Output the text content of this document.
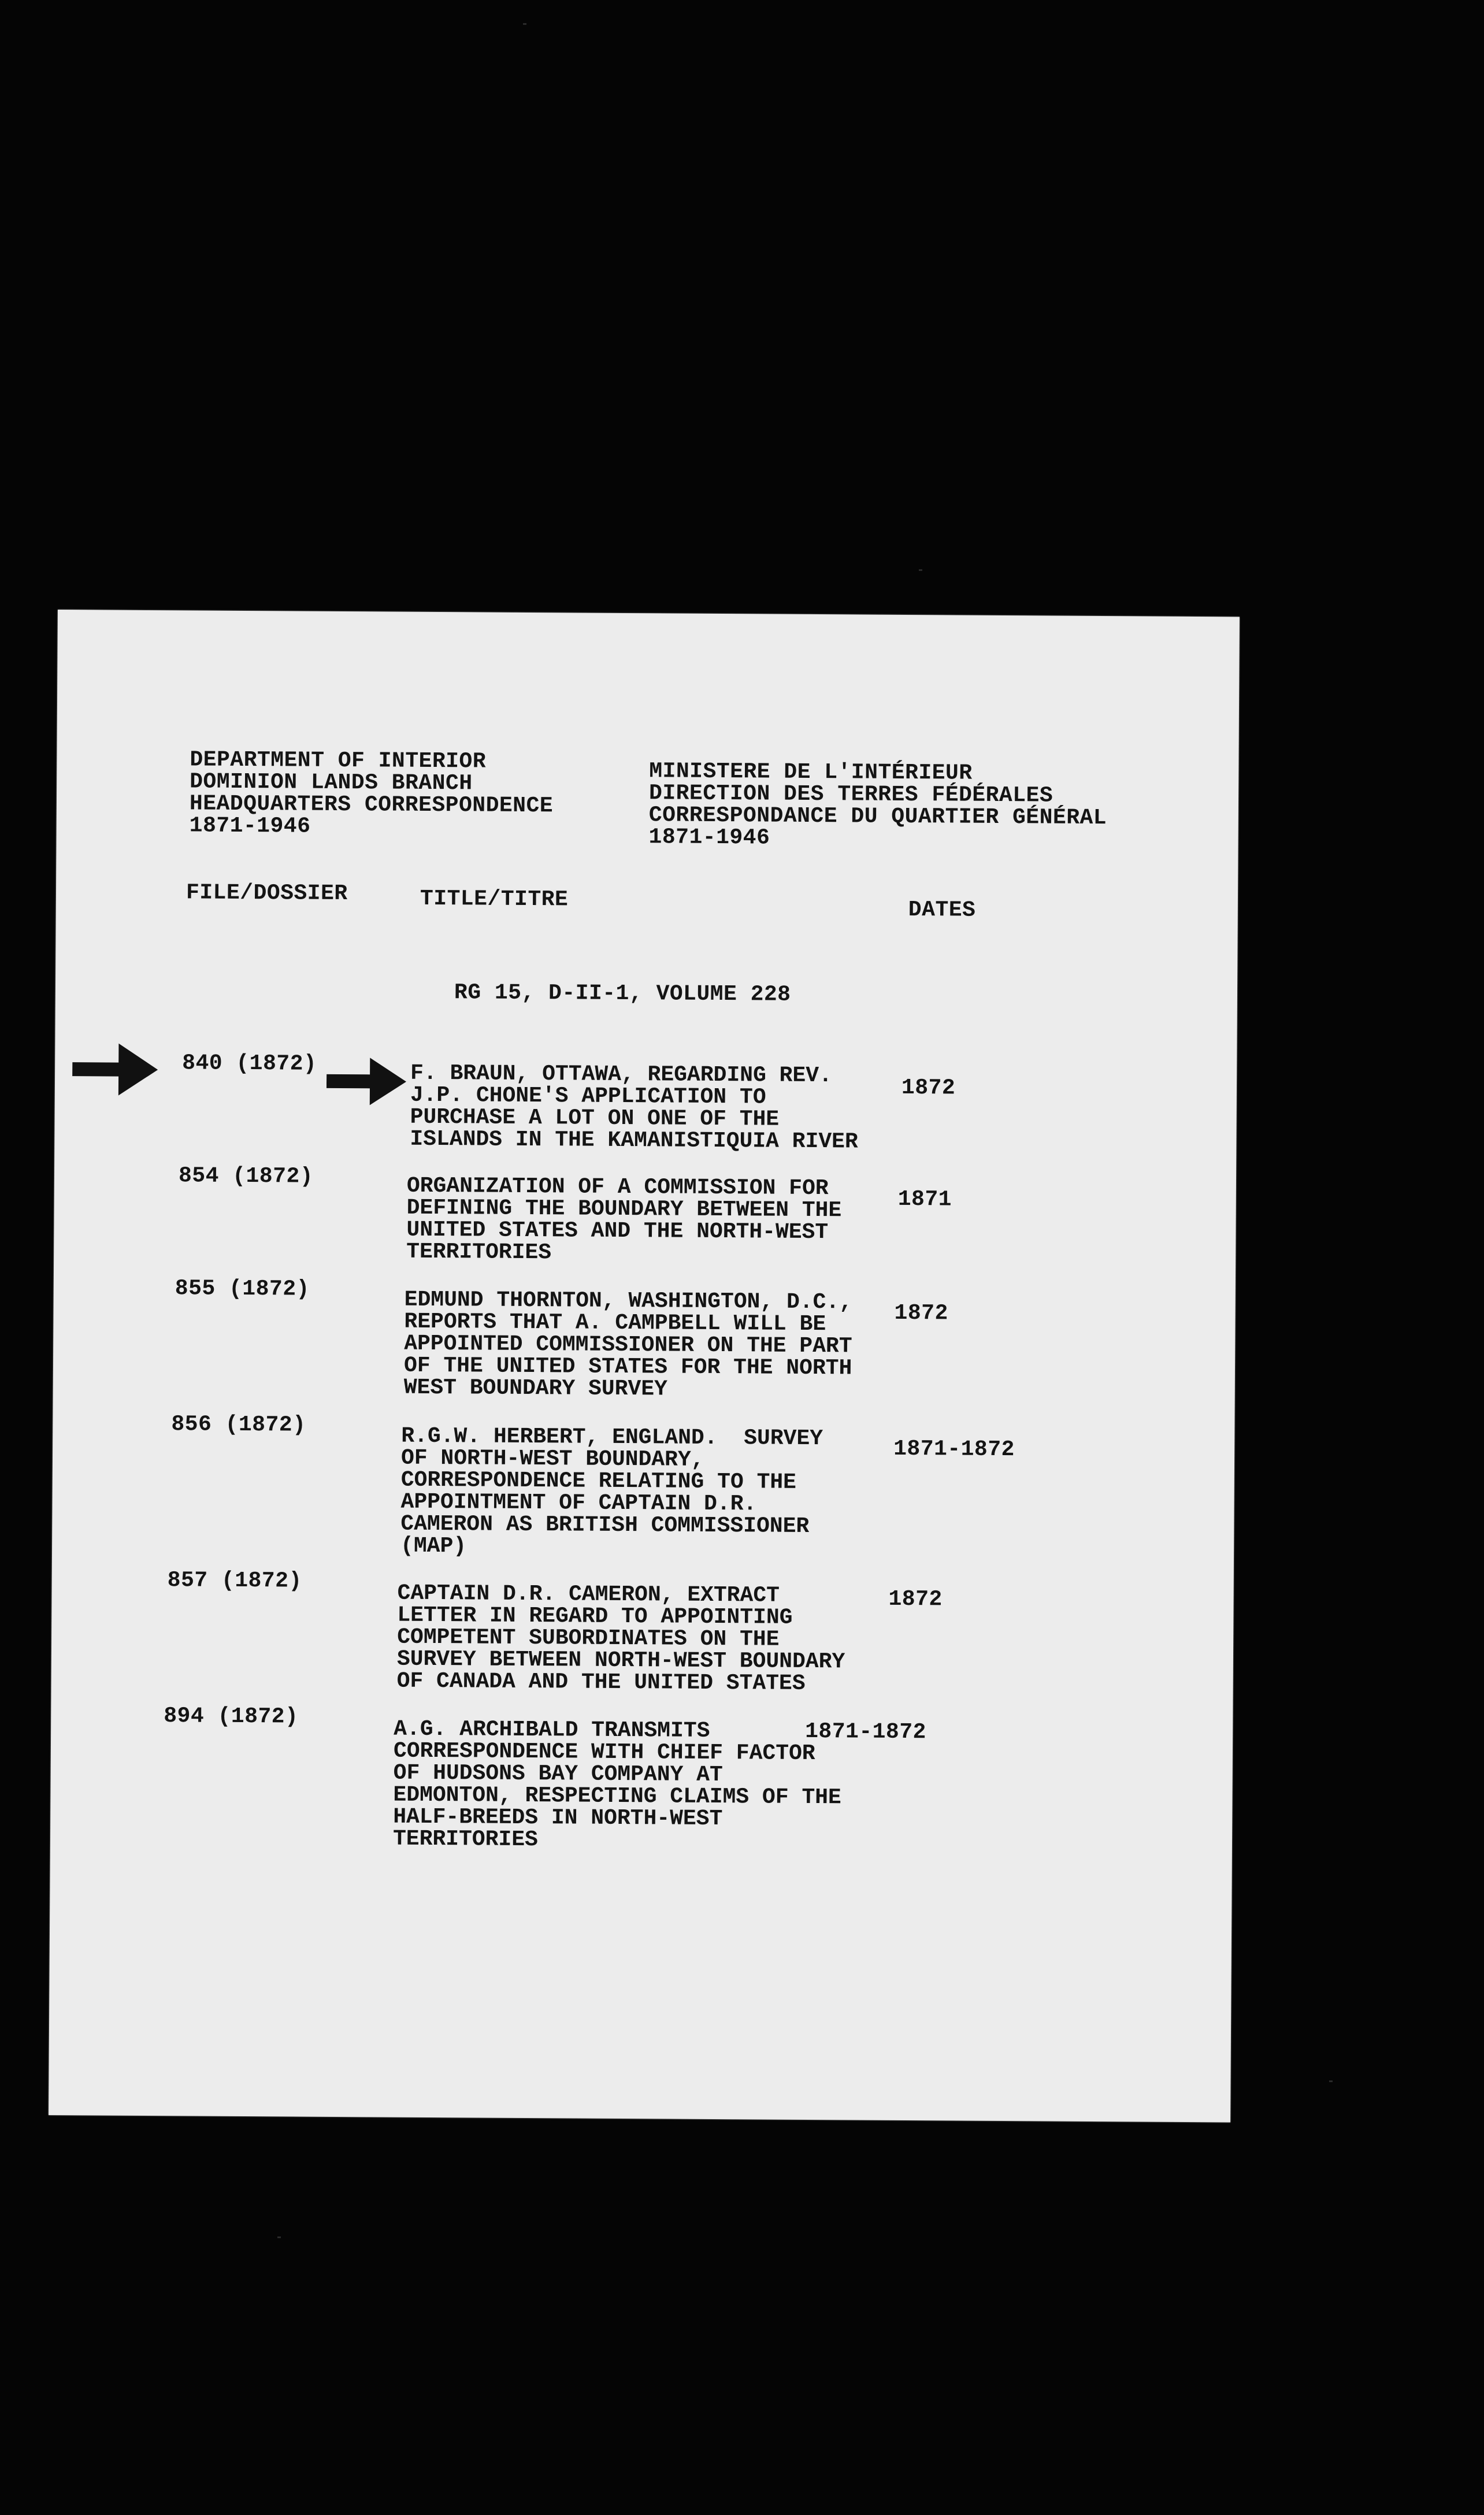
DEPARTMENT OF INTERIOR
DOMINION LANDS BRANCH
HEADQUARTERS CORRESPONDENCE
1871-1946
MINISTERE DE L'INTÉRIEUR
DIRECTION DES TERRES FÉDÉRALES
CORRESPONDANCE DU QUARTIER GÉNÉRAL
1871-1946
FILE/DOSSIER	TITLE/TITRE	DATES
RG 15, D-II-1, VOLUME 228
840 (1872)	F. BRAUN, OTTAWA, REGARDING REV.
J.P. CHONE'S APPLICATION TO
PURCHASE A LOT ON ONE OF THE
ISLANDS IN THE KAMANISTIQUIA RIVER
1872
854 (1872)	ORGANIZATION OF A COMMISSION FOR
DEFINING THE BOUNDARY BETWEEN THE
UNITED STATES AND THE NORTH-WEST
TERRITORIES
1871
855 (1872)	EDMUND THORNTON, WASHINGTON, D.C.,
REPORTS THAT A. CAMPBELL WILL BE
APPOINTED COMMISSIONER ON THE PART
OF THE UNITED STATES FOR THE NORTH
WEST BOUNDARY SURVEY
1872
856 (1872)	R.G.W. HERBERT, ENGLAND.  SURVEY
OF NORTH-WEST BOUNDARY,
CORRESPONDENCE RELATING TO THE
APPOINTMENT OF CAPTAIN D.R.
CAMERON AS BRITISH COMMISSIONER
(MAP)
1871-1872
857 (1872)
CAPTAIN D.R. CAMERON, EXTRACT
LETTER IN REGARD TO APPOINTING
COMPETENT SUBORDINATES ON THE
SURVEY BETWEEN NORTH-WEST BOUNDARY
OF CANADA AND THE UNITED STATES
1872
894 (1872)
A.G. ARCHIBALD TRANSMITS
CORRESPONDENCE WITH CHIEF FACTOR
OF HUDSONS BAY COMPANY AT
EDMONTON, RESPECTING CLAIMS OF THE
HALF-BREEDS IN NORTH-WEST
TERRITORIES
1871-1872
